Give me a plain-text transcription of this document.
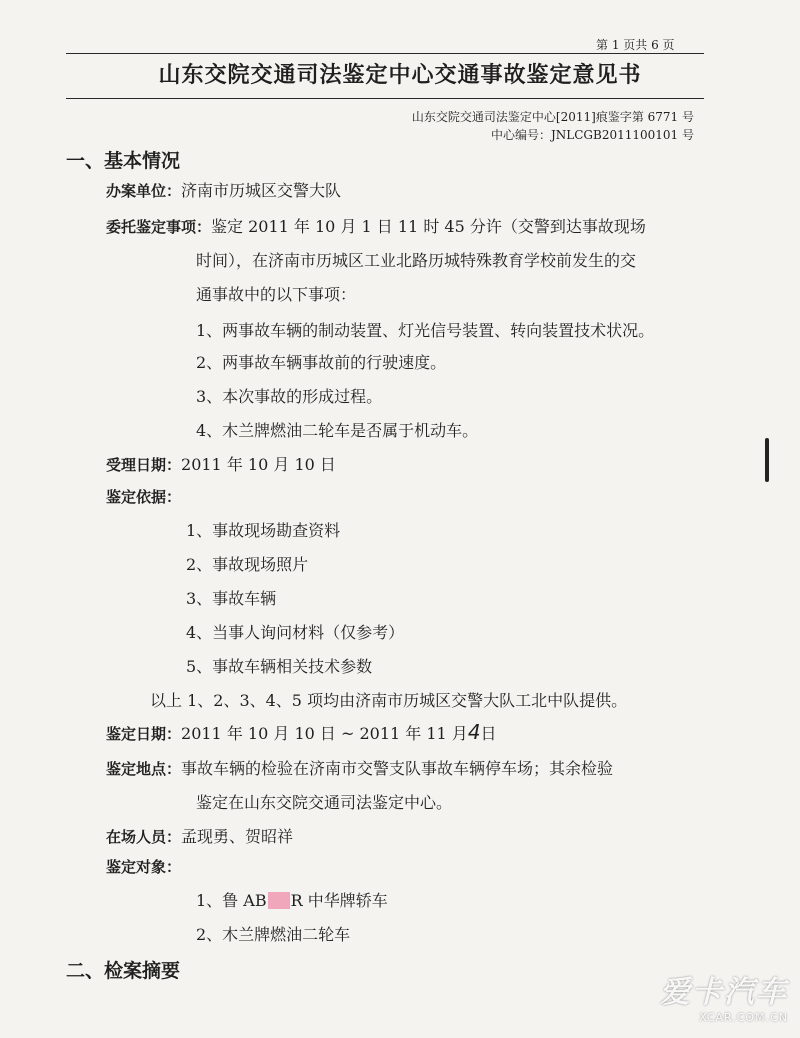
第 1 页共 6 页
山东交院交通司法鉴定中心交通事故鉴定意见书
山东交院交通司法鉴定中心[2011]痕鉴字第 6771 号
中心编号：JNLCGB2011100101 号
一、基本情况
办案单位：济南市历城区交警大队
委托鉴定事项：鉴定 2011 年 10 月 1 日 11 时 45 分许（交警到达事故现场
时间），在济南市历城区工业北路历城特殊教育学校前发生的交
通事故中的以下事项：
1、两事故车辆的制动装置、灯光信号装置、转向装置技术状况。
2、两事故车辆事故前的行驶速度。
3、本次事故的形成过程。
4、木兰牌燃油二轮车是否属于机动车。
受理日期：2011 年 10 月 10 日
鉴定依据：
1、事故现场勘查资料
2、事故现场照片
3、事故车辆
4、当事人询问材料（仅参考）
5、事故车辆相关技术参数
以上 1、2、3、4、5 项均由济南市历城区交警大队工北中队提供。
鉴定日期：2011 年 10 月 10 日 ~ 2011 年 11 月4日
鉴定地点：事故车辆的检验在济南市交警支队事故车辆停车场；其余检验
鉴定在山东交院交通司法鉴定中心。
在场人员：孟现勇、贺昭祥
鉴定对象：
1、鲁 AB R 中华牌轿车
2、木兰牌燃油二轮车
二、检案摘要
爱卡汽车
XCAR.COM.CN
